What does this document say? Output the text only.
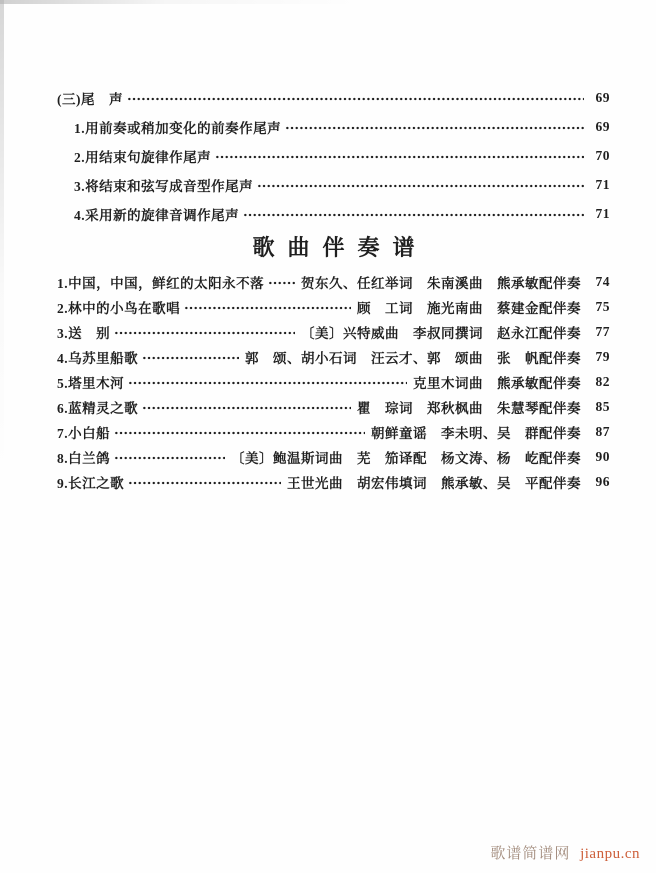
(三)尾　声	69
1.用前奏或稍加变化的前奏作尾声	69
2.用结束句旋律作尾声	70
3.将结束和弦写成音型作尾声	71
4.采用新的旋律音调作尾声	71
歌曲伴奏谱
1.中国，中国，鲜红的太阳永不落	贺东久、任红举词　朱南溪曲　熊承敏配伴奏	74
2.林中的小鸟在歌唱	顾　工词　施光南曲　蔡建金配伴奏	75
3.送　别	〔美〕兴特威曲　李叔同撰词　赵永江配伴奏	77
4.乌苏里船歌	郭　颂、胡小石词　汪云才、郭　颂曲　张　帆配伴奏	79
5.塔里木河	克里木词曲　熊承敏配伴奏	82
6.蓝精灵之歌	瞿　琮词　郑秋枫曲　朱慧琴配伴奏	85
7.小白船	朝鲜童谣　李未明、吴　群配伴奏	87
8.白兰鸽	〔美〕鲍温斯词曲　芜　笳译配　杨文涛、杨　屹配伴奏	90
9.长江之歌	王世光曲　胡宏伟填词　熊承敏、吴　平配伴奏	96
歌谱简谱网 jianpu.cn
